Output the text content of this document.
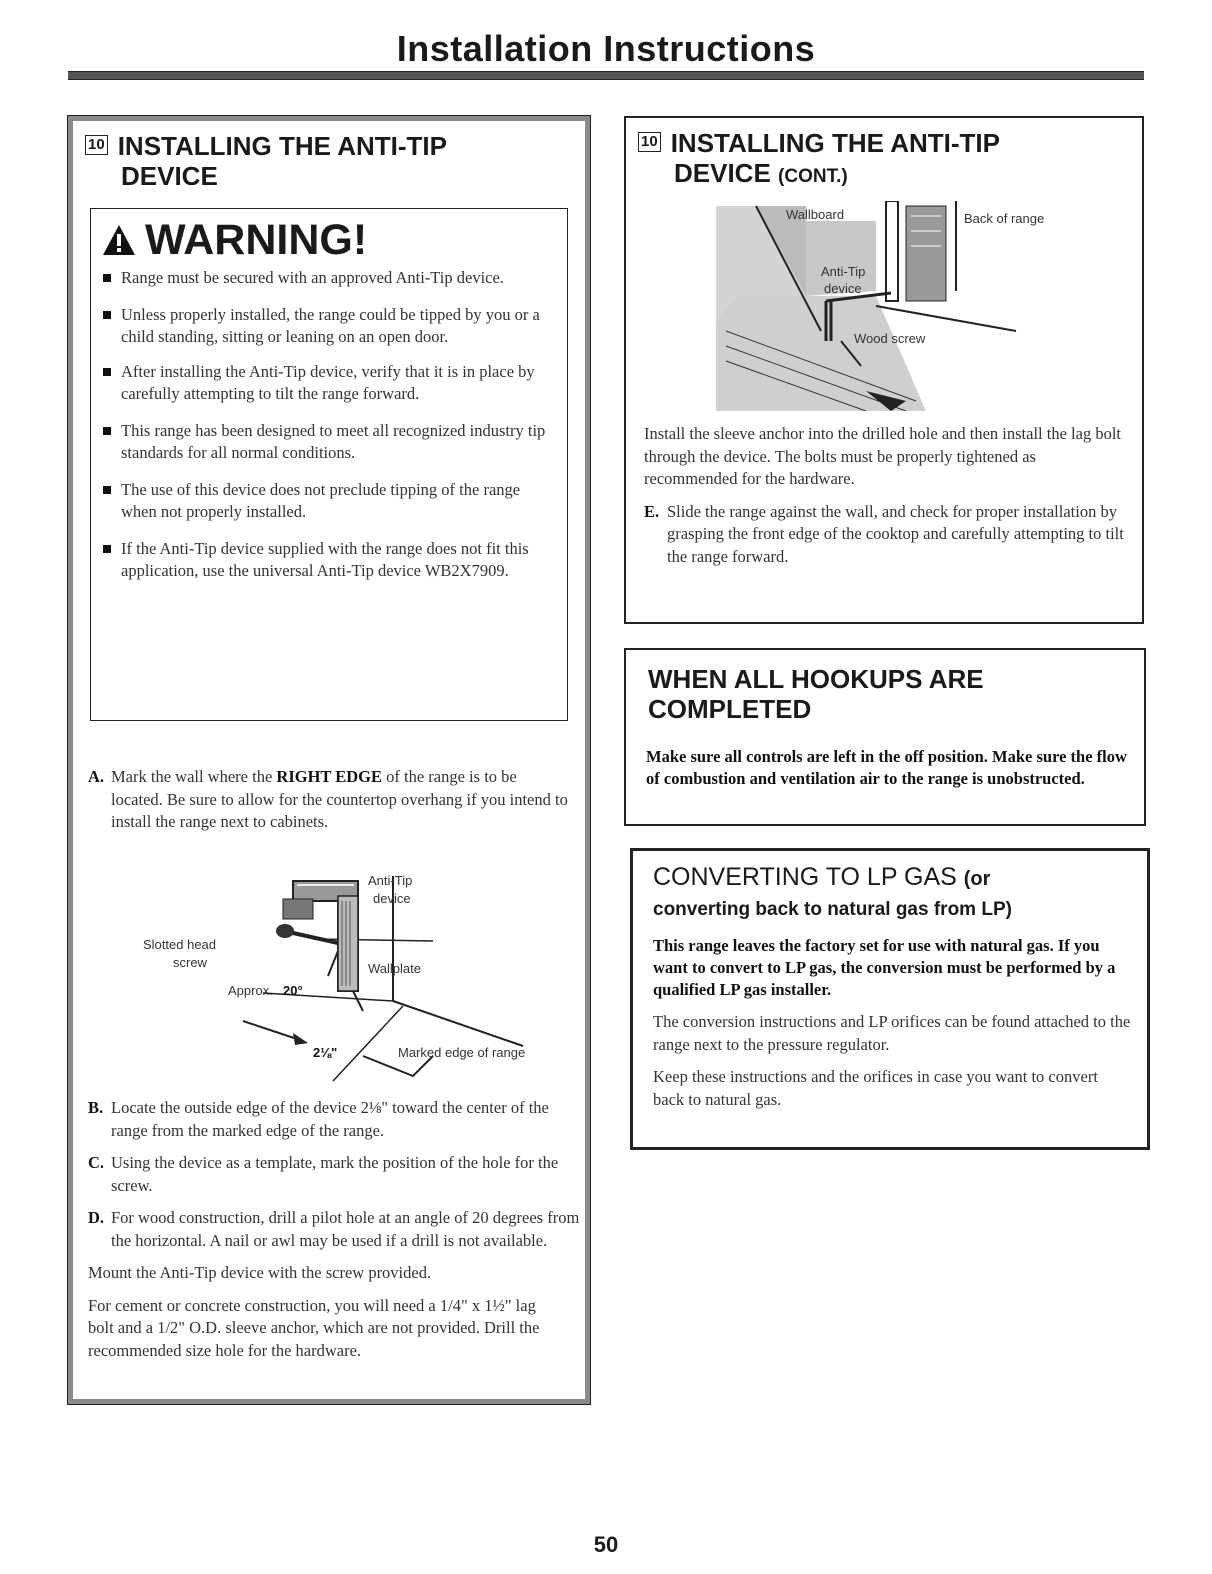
Installation Instructions
10 INSTALLING THE ANTI-TIP
DEVICE
WARNING!
Range must be secured with an approved Anti-Tip device.
Unless properly installed, the range could be tipped by you or a child standing, sitting or leaning on an open door.
After installing the Anti-Tip device, verify that it is in place by carefully attempting to tilt the range forward.
This range has been designed to meet all recognized industry tip standards for all normal conditions.
The use of this device does not preclude tipping of the range when not properly installed.
If the Anti-Tip device supplied with the range does not fit this application, use the universal Anti-Tip device WB2X7909.
A. Mark the wall where the RIGHT EDGE of the range is to be located. Be sure to allow for the countertop overhang if you intend to install the range next to cabinets.
Anti-Tip
device
Slotted head
screw	Wallplate
Approx. 20°
2⅛"	Marked edge of range
B. Locate the outside edge of the device 2⅛" toward the center of the range from the marked edge of the range.
C. Using the device as a template, mark the position of the hole for the screw.
D. For wood construction, drill a pilot hole at an angle of 20 degrees from the horizontal. A nail or awl may be used if a drill is not available.

Mount the Anti-Tip device with the screw provided.

For cement or concrete construction, you will need a 1/4" x 1½" lag bolt and a 1/2" O.D. sleeve anchor, which are not provided. Drill the recommended size hole for the hardware.

10 INSTALLING THE ANTI-TIP
DEVICE (CONT.)
Wallboard	Back of range
Anti-Tip
device
Wood screw

Install the sleeve anchor into the drilled hole and then install the lag bolt through the device. The bolts must be properly tightened as recommended for the hardware.

E. Slide the range against the wall, and check for proper installation by grasping the front edge of the cooktop and carefully attempting to tilt the range forward.
WHEN ALL HOOKUPS ARE
COMPLETED

Make sure all controls are left in the off position. Make sure the flow of combustion and ventilation air to the range is unobstructed.

CONVERTING TO LP GAS (or
converting back to natural gas from LP)

This range leaves the factory set for use with natural gas. If you want to convert to LP gas, the conversion must be performed by a qualified LP gas installer.

The conversion instructions and LP orifices can be found attached to the range next to the pressure regulator.

Keep these instructions and the orifices in case you want to convert back to natural gas.

50
